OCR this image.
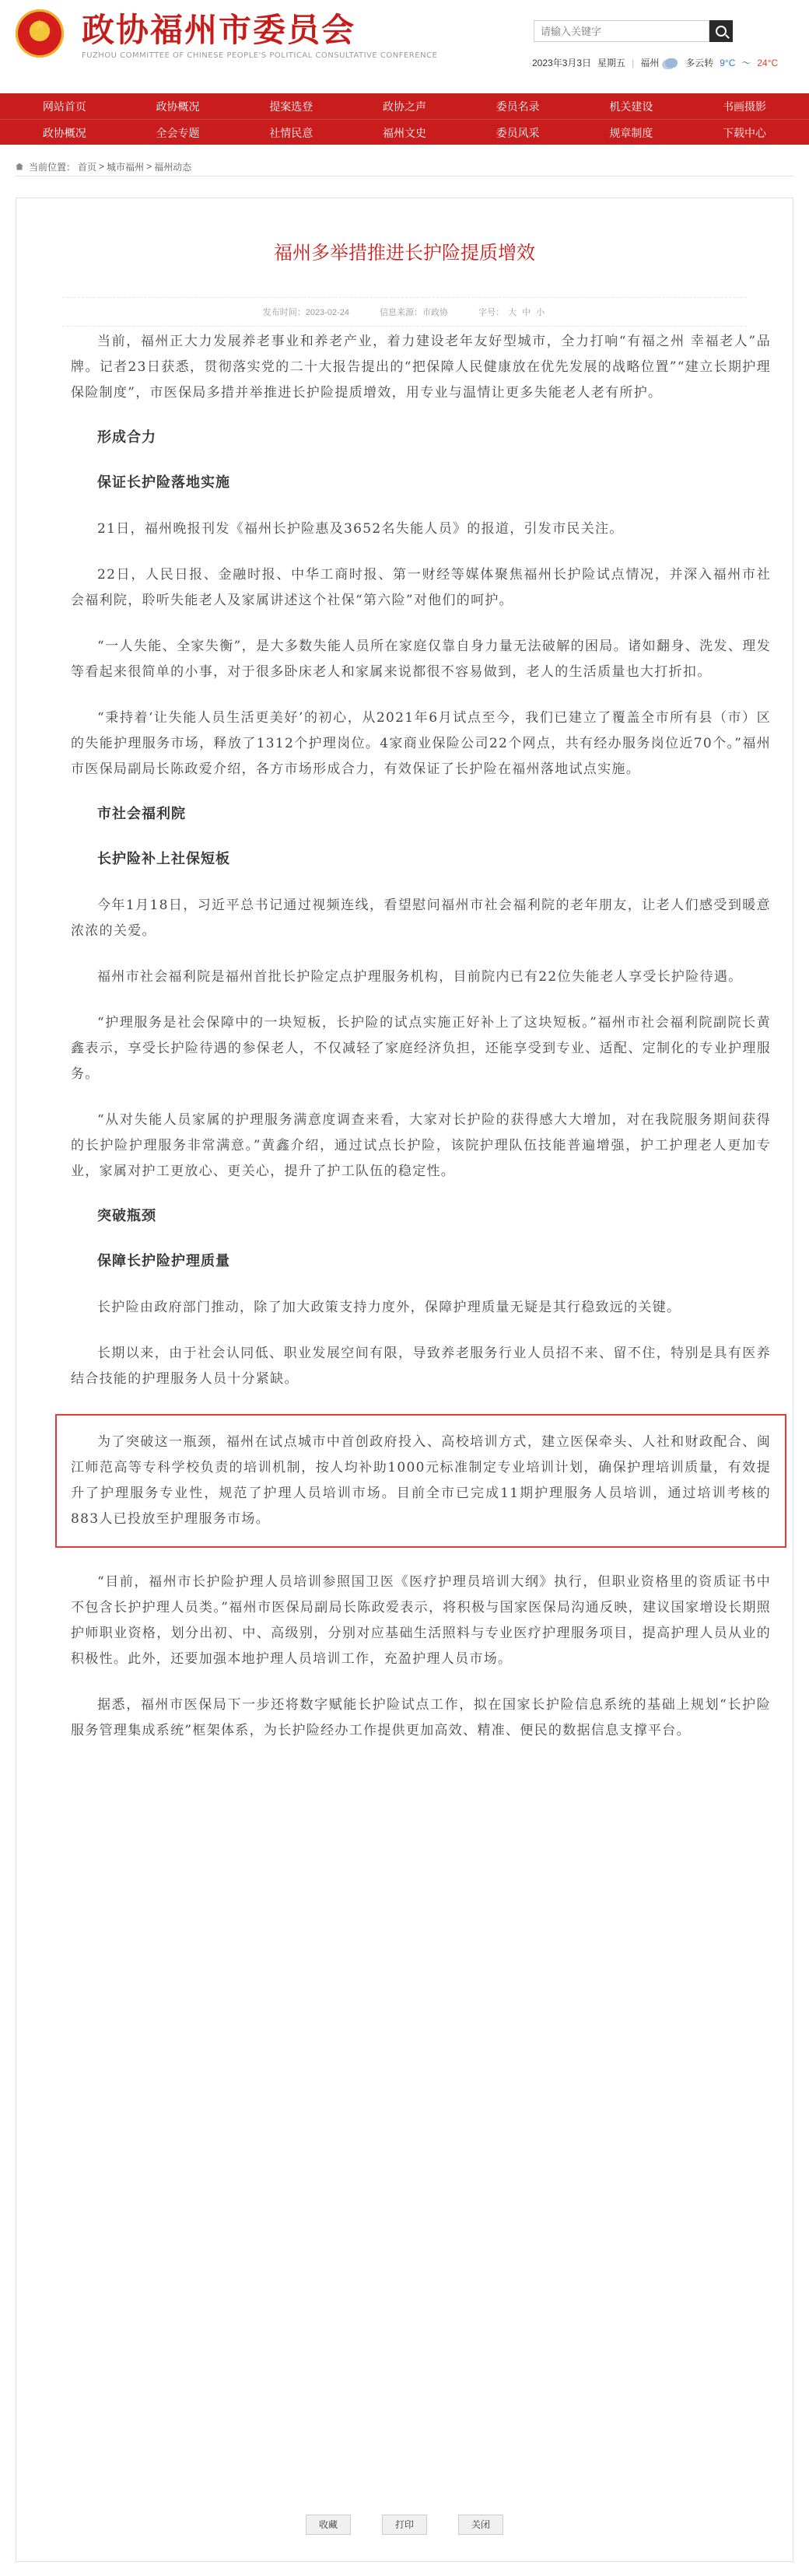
★
政协福州市委员会
FUZHOU COMMITTEE OF CHINESE PEOPLE'S POLITICAL CONSULTATIVE CONFERENCE
请输入关键字
2023年3月3日 星期五 | 福州	多云转 9°C ～ 24°C
网站首页	政协概况	提案选登	政协之声	委员名录	机关建设	书画摄影
政协概况	全会专题	社情民意	福州文史	委员风采	规章制度	下载中心
当前位置： 首页 > 城市福州 > 福州动态
福州多举措推进长护险提质增效
发布时间：2023-02-24	信息来源：市政协	字号： 大 中 小
当前，福州正大力发展养老事业和养老产业，着力建设老年友好型城市，全力打响“有福之州 幸福老人”品牌。记者23日获悉，贯彻落实党的二十大报告提出的“把保障人民健康放在优先发展的战略位置”“建立长期护理保险制度”，市医保局多措并举推进长护险提质增效，用专业与温情让更多失能老人老有所护。
形成合力
保证长护险落地实施
21日，福州晚报刊发《福州长护险惠及3652名失能人员》的报道，引发市民关注。
22日，人民日报、金融时报、中华工商时报、第一财经等媒体聚焦福州长护险试点情况，并深入福州市社会福利院，聆听失能老人及家属讲述这个社保“第六险”对他们的呵护。
“一人失能、全家失衡”，是大多数失能人员所在家庭仅靠自身力量无法破解的困局。诸如翻身、洗发、理发等看起来很简单的小事，对于很多卧床老人和家属来说都很不容易做到，老人的生活质量也大打折扣。
“秉持着‘让失能人员生活更美好’的初心，从2021年6月试点至今，我们已建立了覆盖全市所有县（市）区的失能护理服务市场，释放了1312个护理岗位。4家商业保险公司22个网点，共有经办服务岗位近70个。”福州市医保局副局长陈政爱介绍，各方市场形成合力，有效保证了长护险在福州落地试点实施。
市社会福利院
长护险补上社保短板
今年1月18日，习近平总书记通过视频连线，看望慰问福州市社会福利院的老年朋友，让老人们感受到暖意浓浓的关爱。
福州市社会福利院是福州首批长护险定点护理服务机构，目前院内已有22位失能老人享受长护险待遇。
“护理服务是社会保障中的一块短板，长护险的试点实施正好补上了这块短板。”福州市社会福利院副院长黄鑫表示，享受长护险待遇的参保老人，不仅减轻了家庭经济负担，还能享受到专业、适配、定制化的专业护理服务。
“从对失能人员家属的护理服务满意度调查来看，大家对长护险的获得感大大增加，对在我院服务期间获得的长护险护理服务非常满意。”黄鑫介绍，通过试点长护险，该院护理队伍技能普遍增强，护工护理老人更加专业，家属对护工更放心、更关心，提升了护工队伍的稳定性。
突破瓶颈
保障长护险护理质量
长护险由政府部门推动，除了加大政策支持力度外，保障护理质量无疑是其行稳致远的关键。
长期以来，由于社会认同低、职业发展空间有限，导致养老服务行业人员招不来、留不住，特别是具有医养结合技能的护理服务人员十分紧缺。
为了突破这一瓶颈，福州在试点城市中首创政府投入、高校培训方式，建立医保牵头、人社和财政配合、闽江师范高等专科学校负责的培训机制，按人均补助1000元标准制定专业培训计划，确保护理培训质量，有效提升了护理服务专业性，规范了护理人员培训市场。目前全市已完成11期护理服务人员培训，通过培训考核的883人已投放至护理服务市场。
“目前，福州市长护险护理人员培训参照国卫医《医疗护理员培训大纲》执行，但职业资格里的资质证书中不包含长护护理人员类。”福州市医保局副局长陈政爱表示，将积极与国家医保局沟通反映，建议国家增设长期照护师职业资格，划分出初、中、高级别，分别对应基础生活照料与专业医疗护理服务项目，提高护理人员从业的积极性。此外，还要加强本地护理人员培训工作，充盈护理人员市场。
据悉，福州市医保局下一步还将数字赋能长护险试点工作，拟在国家长护险信息系统的基础上规划“长护险服务管理集成系统”框架体系，为长护险经办工作提供更加高效、精准、便民的数据信息支撑平台。
收藏	打印	关闭
